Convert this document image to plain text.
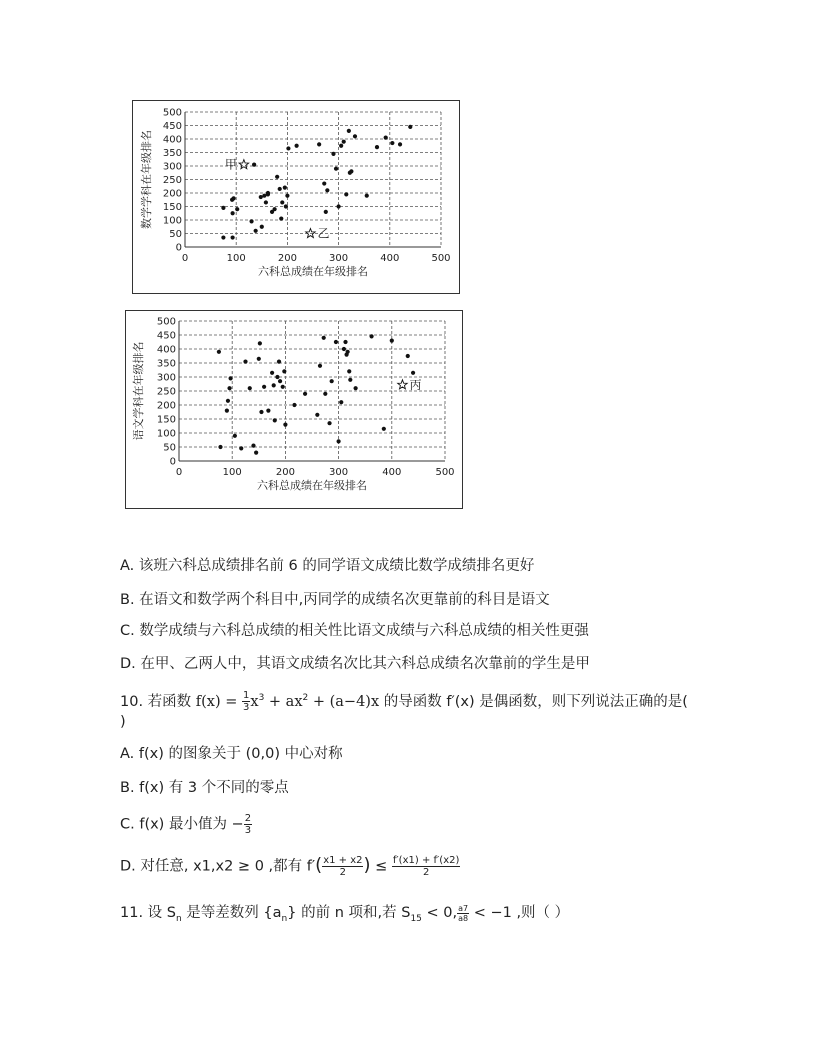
0
50
100
150
200
250
300
350
400
450
500
0	100	200	300	400	500
六科总成绩在年级排名
数学学科在年级排名	甲
乙
0
50
100
150
200
250
300
350
400
450
500
0	100	200	300	400	500
六科总成绩在年级排名
语文学科在年级排名	丙
A. 该班六科总成绩排名前 6 的同学语文成绩比数学成绩排名更好
B. 在语文和数学两个科目中,丙同学的成绩名次更靠前的科目是语文
C. 数学成绩与六科总成绩的相关性比语文成绩与六科总成绩的相关性更强
D. 在甲、乙两人中，其语文成绩名次比其六科总成绩名次靠前的学生是甲
10. 若函数 $f(x) = \frac{1}{3} x^3 + ax^2 + (a-4)x$ 的导函数 f′(x) 是偶函数，则下列说法正确的是(
)
A. f(x) 的图象关于 (0,0) 中心对称
B. f(x) 有 3 个不同的零点
C. f(x) 最小值为 − $\frac{2}{3}$
D. 对任意, x1,x2 ≥ 0 ,都有 $f'( \frac{x1 + x2}{2}$ ) ≤ $\frac{f'(x1) + f'(x2)}{2}$
11. 设 $S_n$ 是等差数列 $\{a_n\}$ 的前 n 项和,若 $S_{15} < 0$, $\frac{a7}{a8} < -1$ ,则（ ）
